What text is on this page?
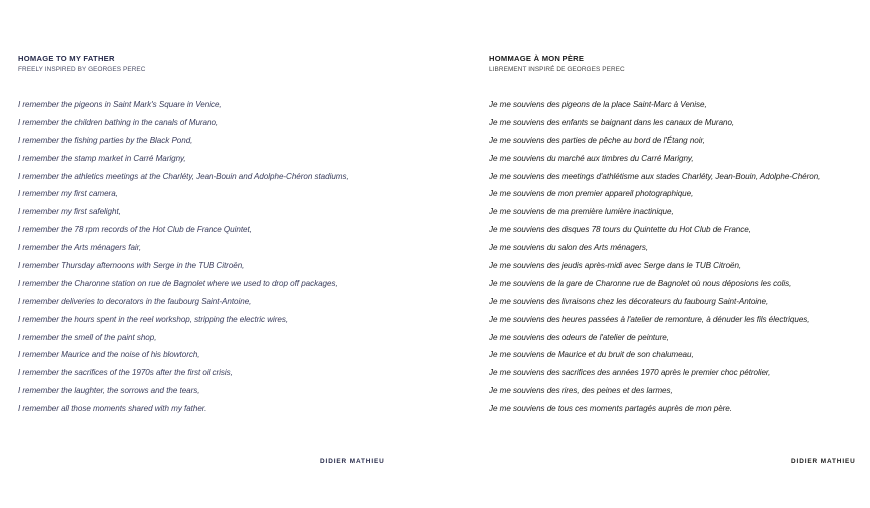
HOMAGE TO MY FATHER

FREELY INSPIRED BY GEORGES PEREC

I remember the pigeons in Saint Mark's Square in Venice,
I remember the children bathing in the canals of Murano,
I remember the fishing parties by the Black Pond,
I remember the stamp market in Carré Marigny,
I remember the athletics meetings at the Charléty, Jean-Bouin and Adolphe-Chéron stadiums,
I remember my first camera,
I remember my first safelight,
I remember the 78 rpm records of the Hot Club de France Quintet,
I remember the Arts ménagers fair,
I remember Thursday afternoons with Serge in the TUB Citroën,
I remember the Charonne station on rue de Bagnolet where we used to drop off packages,
I remember deliveries to decorators in the faubourg Saint-Antoine,
I remember the hours spent in the reel workshop, stripping the electric wires,
I remember the smell of the paint shop,
I remember Maurice and the noise of his blowtorch,
I remember the sacrifices of the 1970s after the first oil crisis,
I remember the laughter, the sorrows and the tears,
I remember all those moments shared with my father.

DIDIER MATHIEU

HOMMAGE À MON PÈRE

LIBREMENT INSPIRÉ DE GEORGES PEREC

Je me souviens des pigeons de la place Saint-Marc à Venise,
Je me souviens des enfants se baignant dans les canaux de Murano,
Je me souviens des parties de pêche au bord de l'Étang noir,
Je me souviens du marché aux timbres du Carré Marigny,
Je me souviens des meetings d'athlétisme aux stades Charléty, Jean-Bouin, Adolphe-Chéron,
Je me souviens de mon premier appareil photographique,
Je me souviens de ma première lumière inactinique,
Je me souviens des disques 78 tours du Quintette du Hot Club de France,
Je me souviens du salon des Arts ménagers,
Je me souviens des jeudis après-midi avec Serge dans le TUB Citroën,
Je me souviens de la gare de Charonne rue de Bagnolet où nous déposions les colis,
Je me souviens des livraisons chez les décorateurs du faubourg Saint-Antoine,
Je me souviens des heures passées à l'atelier de remonture, à dénuder les fils électriques,
Je me souviens des odeurs de l'atelier de peinture,
Je me souviens de Maurice et du bruit de son chalumeau,
Je me souviens des sacrifices des années 1970 après le premier choc pétrolier,
Je me souviens des rires, des peines et des larmes,
Je me souviens de tous ces moments partagés auprès de mon père.

DIDIER MATHIEU
